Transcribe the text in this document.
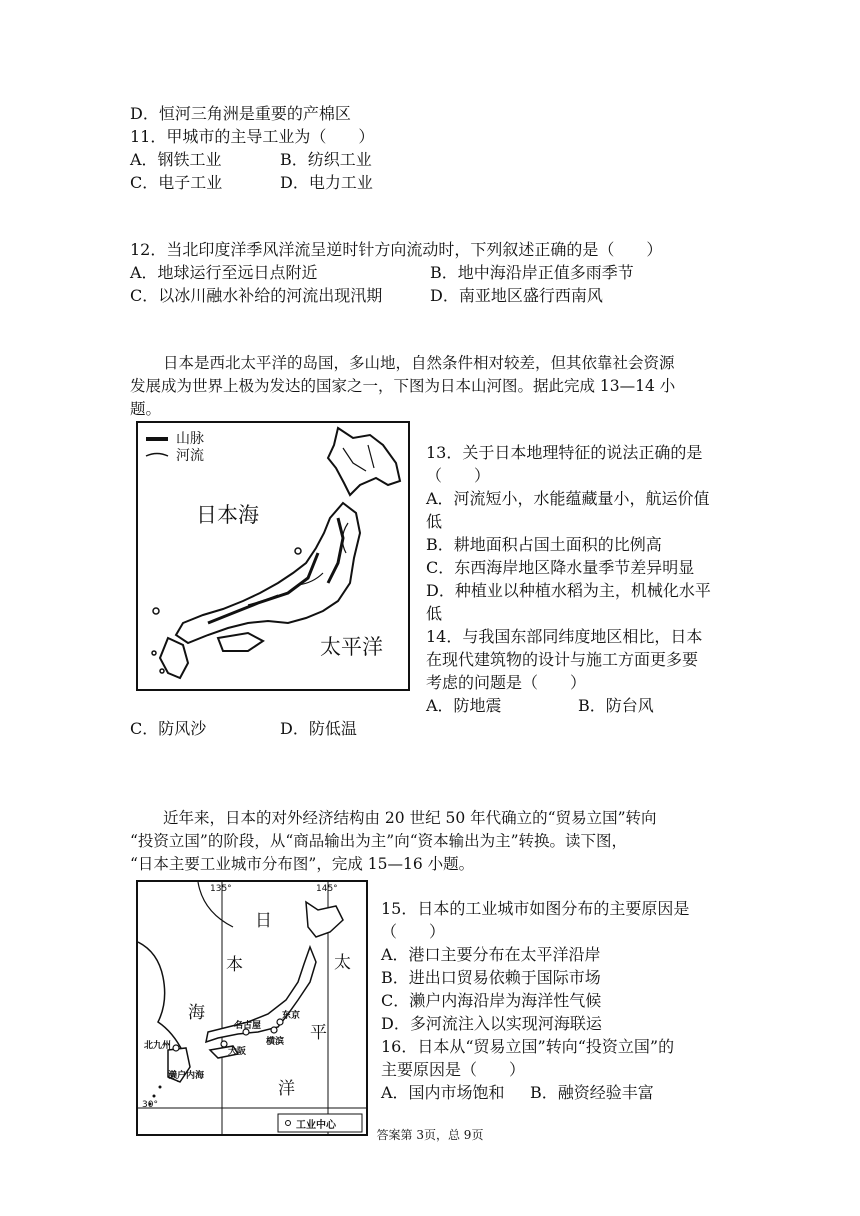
D．恒河三角洲是重要的产棉区
11．甲城市的主导工业为（　　）
A．钢铁工业	B．纺织工业
C．电子工业	D．电力工业
12．当北印度洋季风洋流呈逆时针方向流动时，下列叙述正确的是（　　）
A．地球运行至远日点附近	B．地中海沿岸正值多雨季节
C．以冰川融水补给的河流出现汛期	D．南亚地区盛行西南风
日本是西北太平洋的岛国，多山地，自然条件相对较差，但其依靠社会资源
发展成为世界上极为发达的国家之一，下图为日本山河图。据此完成 13—14 小
题。
山脉
河流
日本海
太平洋
13．关于日本地理特征的说法正确的是
（　　）
A．河流短小，水能蕴藏量小，航运价值
低
B．耕地面积占国土面积的比例高
C．东西海岸地区降水量季节差异明显
D．种植业以种植水稻为主，机械化水平
低
14．与我国东部同纬度地区相比，日本
在现代建筑物的设计与施工方面更多要
考虑的问题是（　　）
A．防地震	B．防台风
C．防风沙	D．防低温
近年来，日本的对外经济结构由 20 世纪 50 年代确立的“贸易立国”转向
“投资立国”的阶段，从“商品输出为主”向“资本输出为主”转换。读下图，
“日本主要工业城市分布图”，完成 15—16 小题。
135°	145°
30°
日
本
海
太
平
洋
北九州
大阪
名古屋
东京
横滨
濑户内海
工业中心
15．日本的工业城市如图分布的主要原因是
（　　）
A．港口主要分布在太平洋沿岸
B．进出口贸易依赖于国际市场
C．濑户内海沿岸为海洋性气候
D．多河流注入以实现河海联运
16．日本从“贸易立国”转向“投资立国”的
主要原因是（　　）
A．国内市场饱和 B．融资经验丰富
答案第 3页，总 9页
